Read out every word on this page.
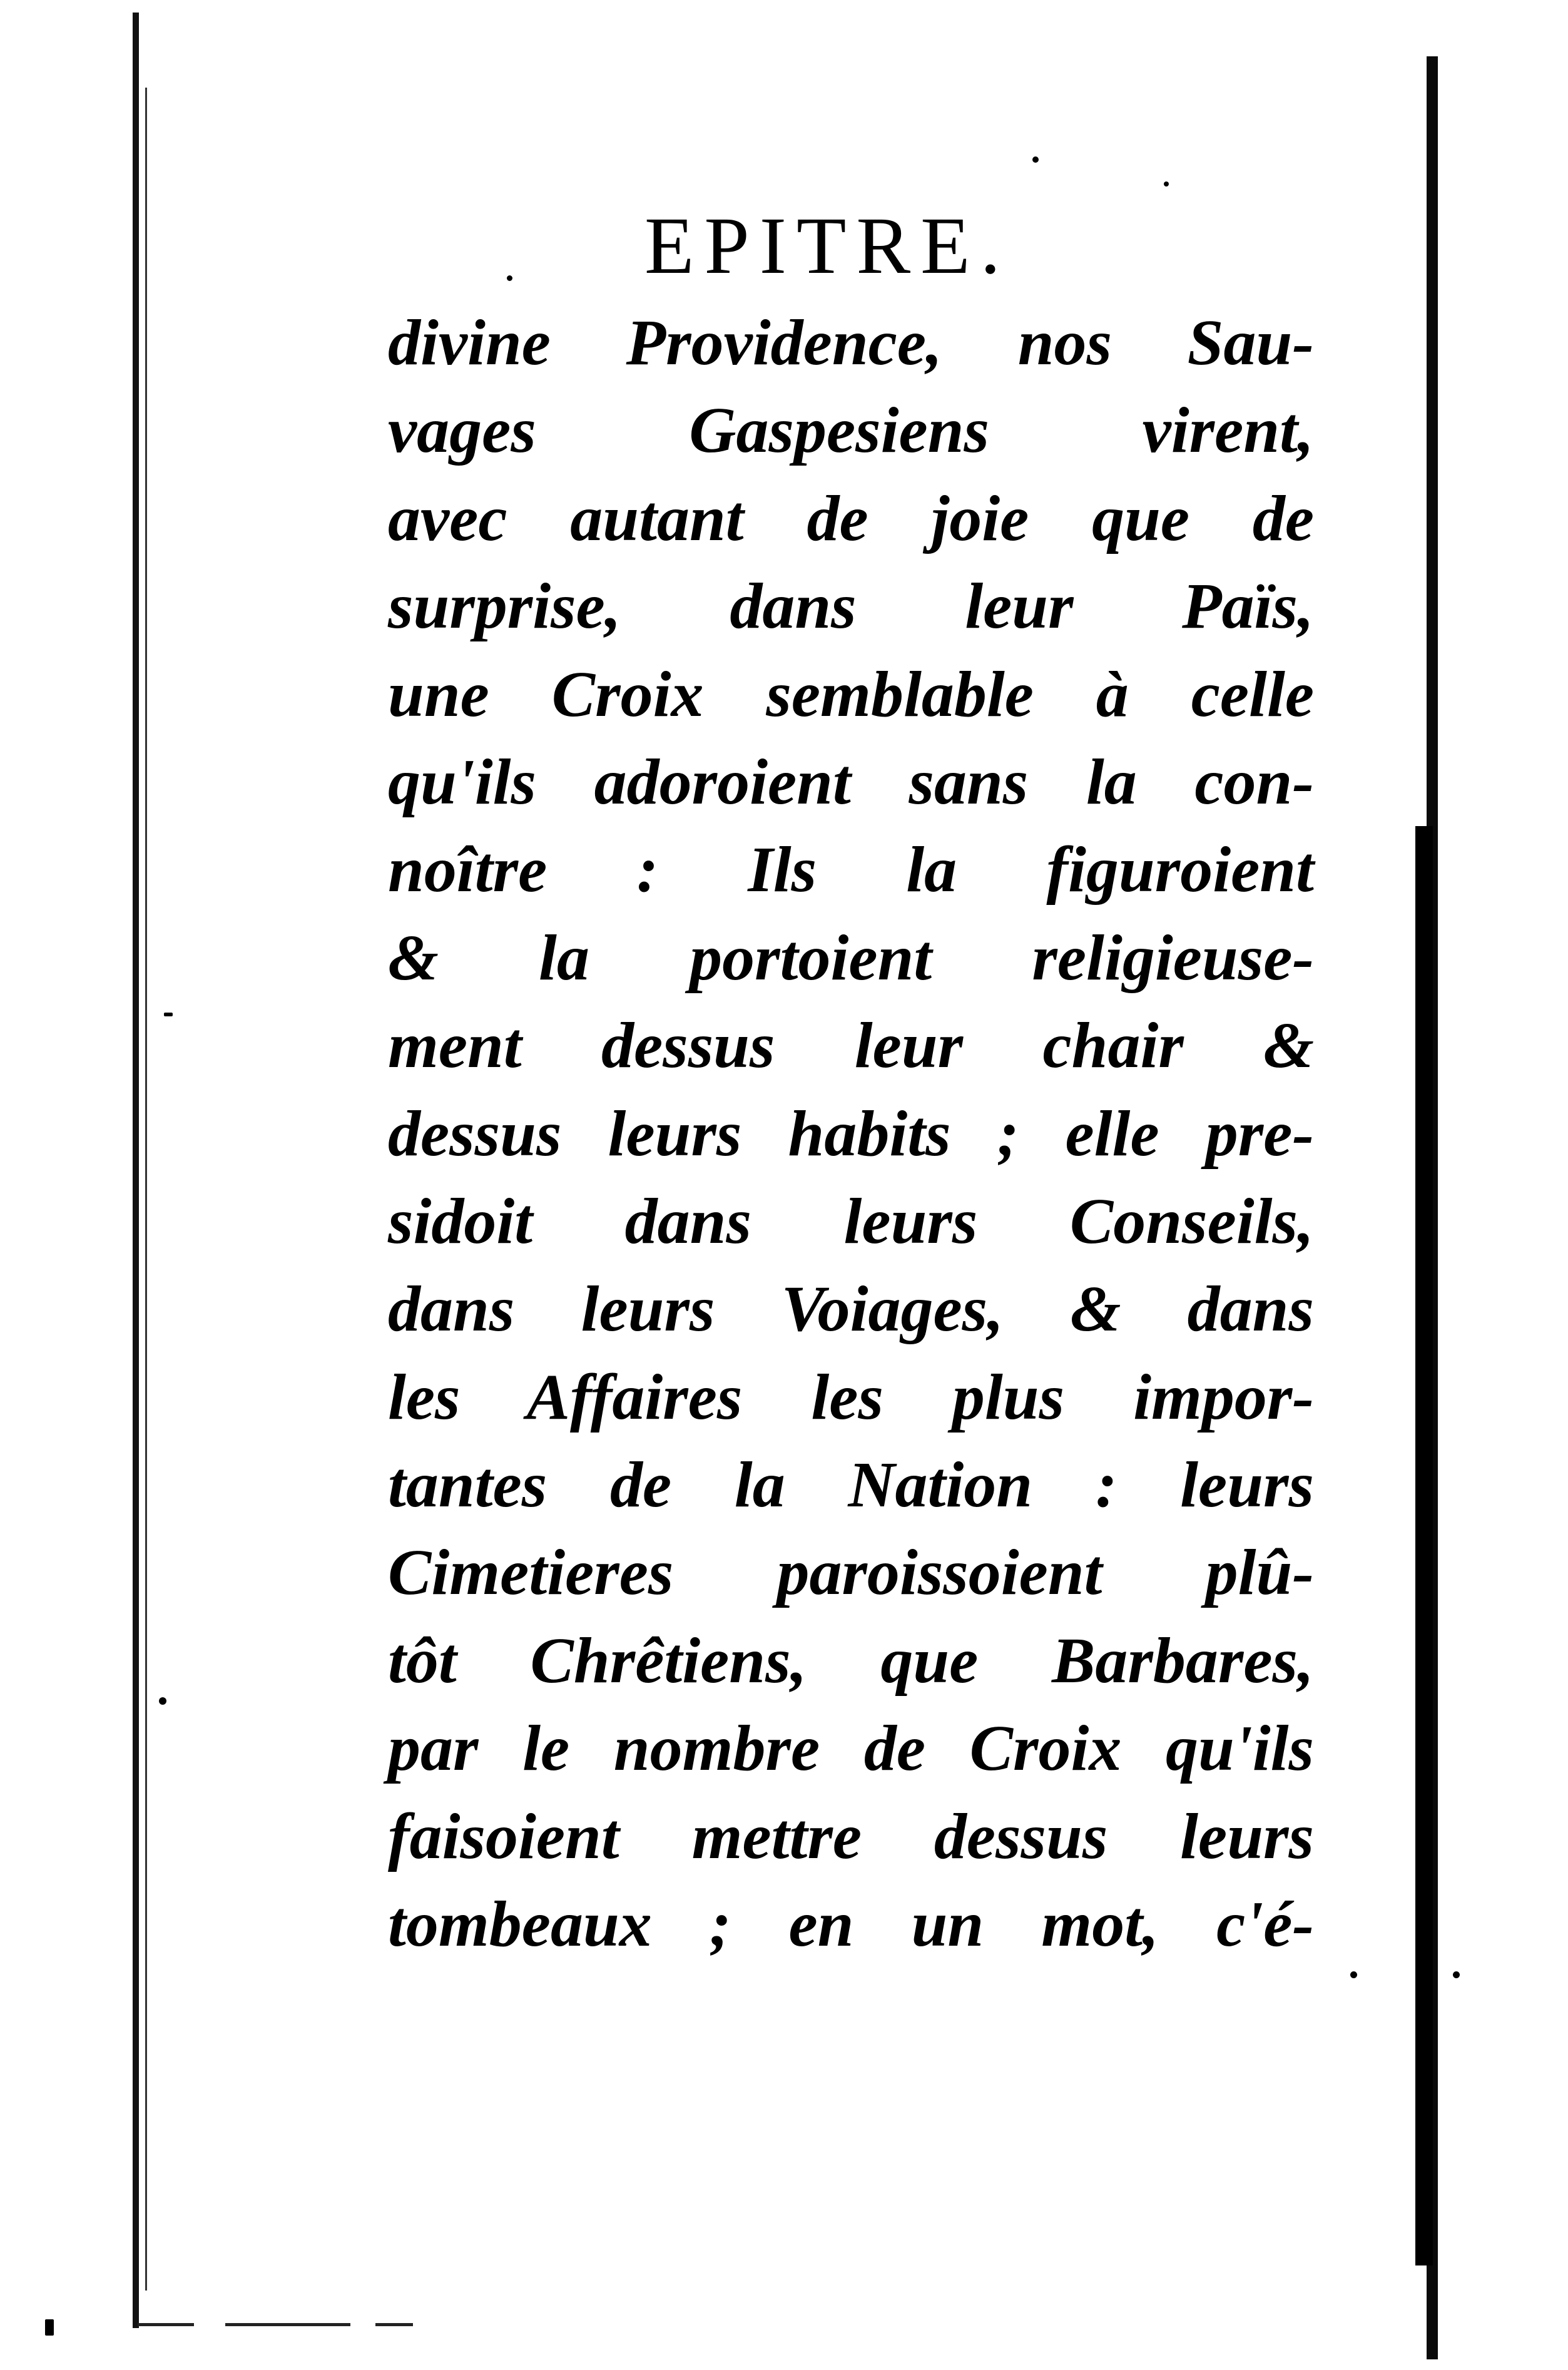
EPITRE.
divine Providence, nos Sau-
vages Gaspesiens virent,
avec autant de joie que de
surprise, dans leur Païs,
une Croix semblable à celle
qu'ils adoroient sans la con-
noître : Ils la figuroient
& la portoient religieuse-
ment dessus leur chair &
dessus leurs habits ; elle pre-
sidoit dans leurs Conseils,
dans leurs Voiages, & dans
les Affaires les plus impor-
tantes de la Nation : leurs
Cimetieres paroissoient plû-
tôt Chrêtiens, que Barbares,
par le nombre de Croix qu'ils
faisoient mettre dessus leurs
tombeaux ; en un mot, c'é-
